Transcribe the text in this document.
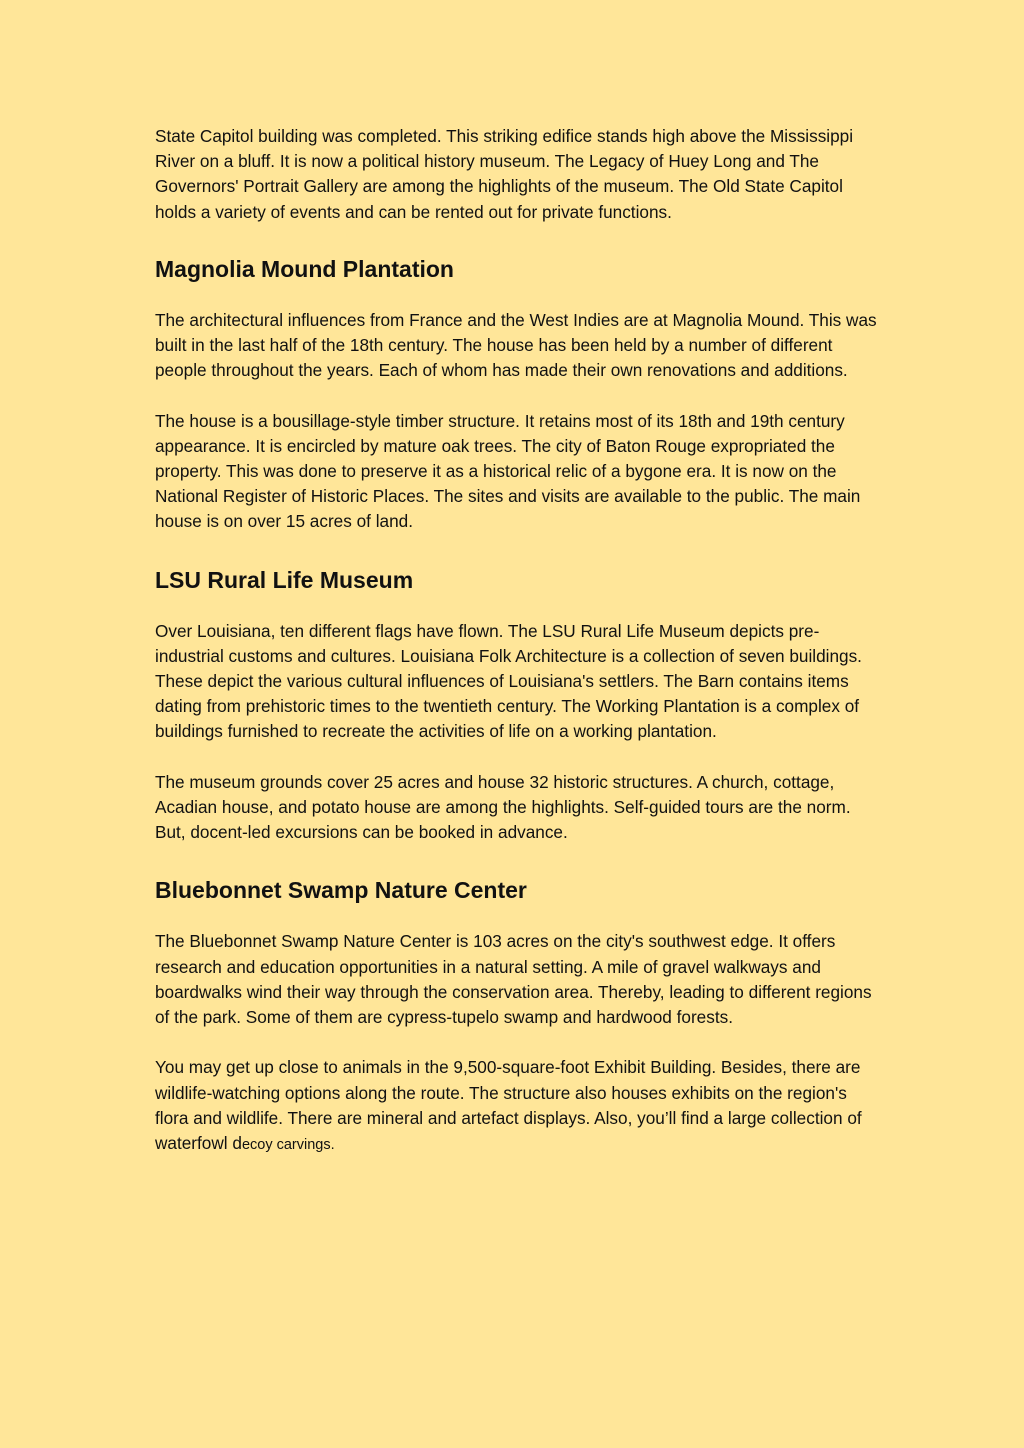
State Capitol building was completed. This striking edifice stands high above the Mississippi River on a bluff. It is now a political history museum. The Legacy of Huey Long and The Governors' Portrait Gallery are among the highlights of the museum. The Old State Capitol holds a variety of events and can be rented out for private functions.

Magnolia Mound Plantation

The architectural influences from France and the West Indies are at Magnolia Mound. This was built in the last half of the 18th century. The house has been held by a number of different people throughout the years. Each of whom has made their own renovations and additions.

The house is a bousillage-style timber structure. It retains most of its 18th and 19th century appearance. It is encircled by mature oak trees. The city of Baton Rouge expropriated the property. This was done to preserve it as a historical relic of a bygone era. It is now on the National Register of Historic Places. The sites and visits are available to the public. The main house is on over 15 acres of land.

LSU Rural Life Museum

Over Louisiana, ten different flags have flown. The LSU Rural Life Museum depicts pre-industrial customs and cultures. Louisiana Folk Architecture is a collection of seven buildings. These depict the various cultural influences of Louisiana's settlers. The Barn contains items dating from prehistoric times to the twentieth century. The Working Plantation is a complex of buildings furnished to recreate the activities of life on a working plantation.

The museum grounds cover 25 acres and house 32 historic structures. A church, cottage, Acadian house, and potato house are among the highlights. Self-guided tours are the norm. But, docent-led excursions can be booked in advance.

Bluebonnet Swamp Nature Center

The Bluebonnet Swamp Nature Center is 103 acres on the city's southwest edge. It offers research and education opportunities in a natural setting. A mile of gravel walkways and boardwalks wind their way through the conservation area. Thereby, leading to different regions of the park. Some of them are cypress-tupelo swamp and hardwood forests.

You may get up close to animals in the 9,500-square-foot Exhibit Building. Besides, there are wildlife-watching options along the route. The structure also houses exhibits on the region's flora and wildlife. There are mineral and artefact displays. Also, you’ll find a large collection of waterfowl decoy carvings.
